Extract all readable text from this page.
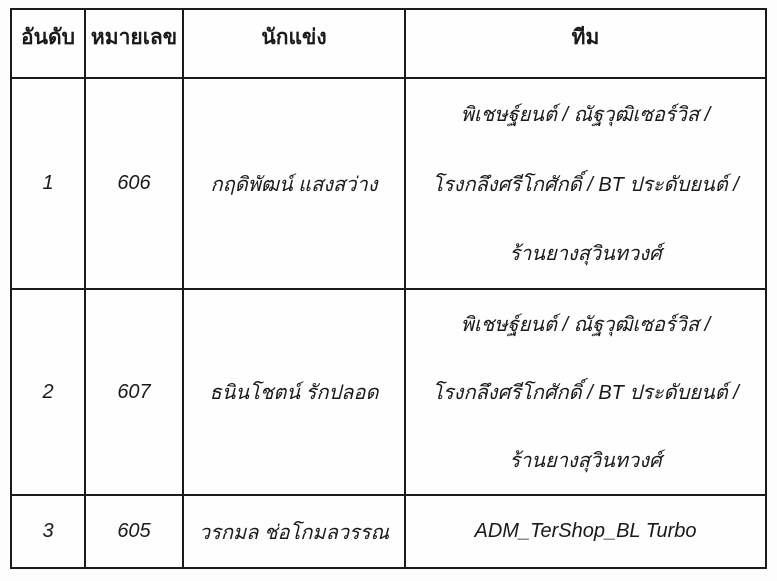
อันดับ	หมายเลข	นักแข่ง	ทีม

1	606	กฤดิพัฒน์ แสงสว่าง	พิเชษฐ์ยนต์ / ณัฐวุฒิเซอร์วิส /
โรงกลึงศรีโกศักดิ์ / BT ประดับยนต์ /
ร้านยางสุวินทวงศ์

2	607	ธนินโชตน์ รักปลอด	พิเชษฐ์ยนต์ / ณัฐวุฒิเซอร์วิส /
โรงกลึงศรีโกศักดิ์ / BT ประดับยนต์ /
ร้านยางสุวินทวงศ์

3	605	วรกมล ช่อโกมลวรรณ	ADM_TerShop_BL Turbo
